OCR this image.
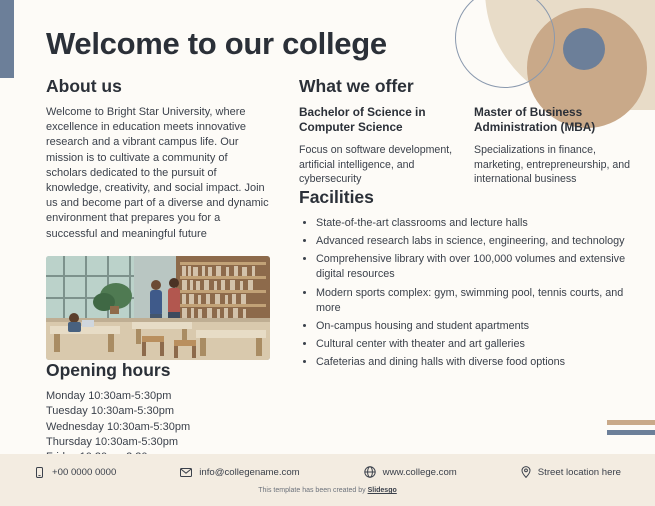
Welcome to our college
About us

Welcome to Bright Star University, where excellence in education meets innovative research and a vibrant campus life. Our mission is to cultivate a community of scholars dedicated to the pursuit of knowledge, creativity, and social impact. Join us and become part of a diverse and dynamic environment that prepares you for a successful and meaningful future

Opening hours
Monday 10:30am-5:30pm
Tuesday 10:30am-5:30pm
Wednesday 10:30am-5:30pm
Thursday 10:30am-5:30pm
What we offer
Bachelor of Science in Computer Science

Focus on software development, artificial intelligence, and cybersecurity

Master of Business Administration (MBA)

Specializations in finance, marketing, entrepreneurship, and international business

Facilities
• State-of-the-art classrooms and lecture halls
• Advanced research labs in science, engineering, and technology
• Comprehensive library with over 100,000 volumes and extensive digital resources
• Modern sports complex: gym, swimming pool, tennis courts, and more
• On-campus housing and student apartments
• Cultural center with theater and art galleries
• Cafeterias and dining halls with diverse food options
+00 0000 0000	info@collegename.com	www.college.com	Street location here
This template has been created by Slidesgo
